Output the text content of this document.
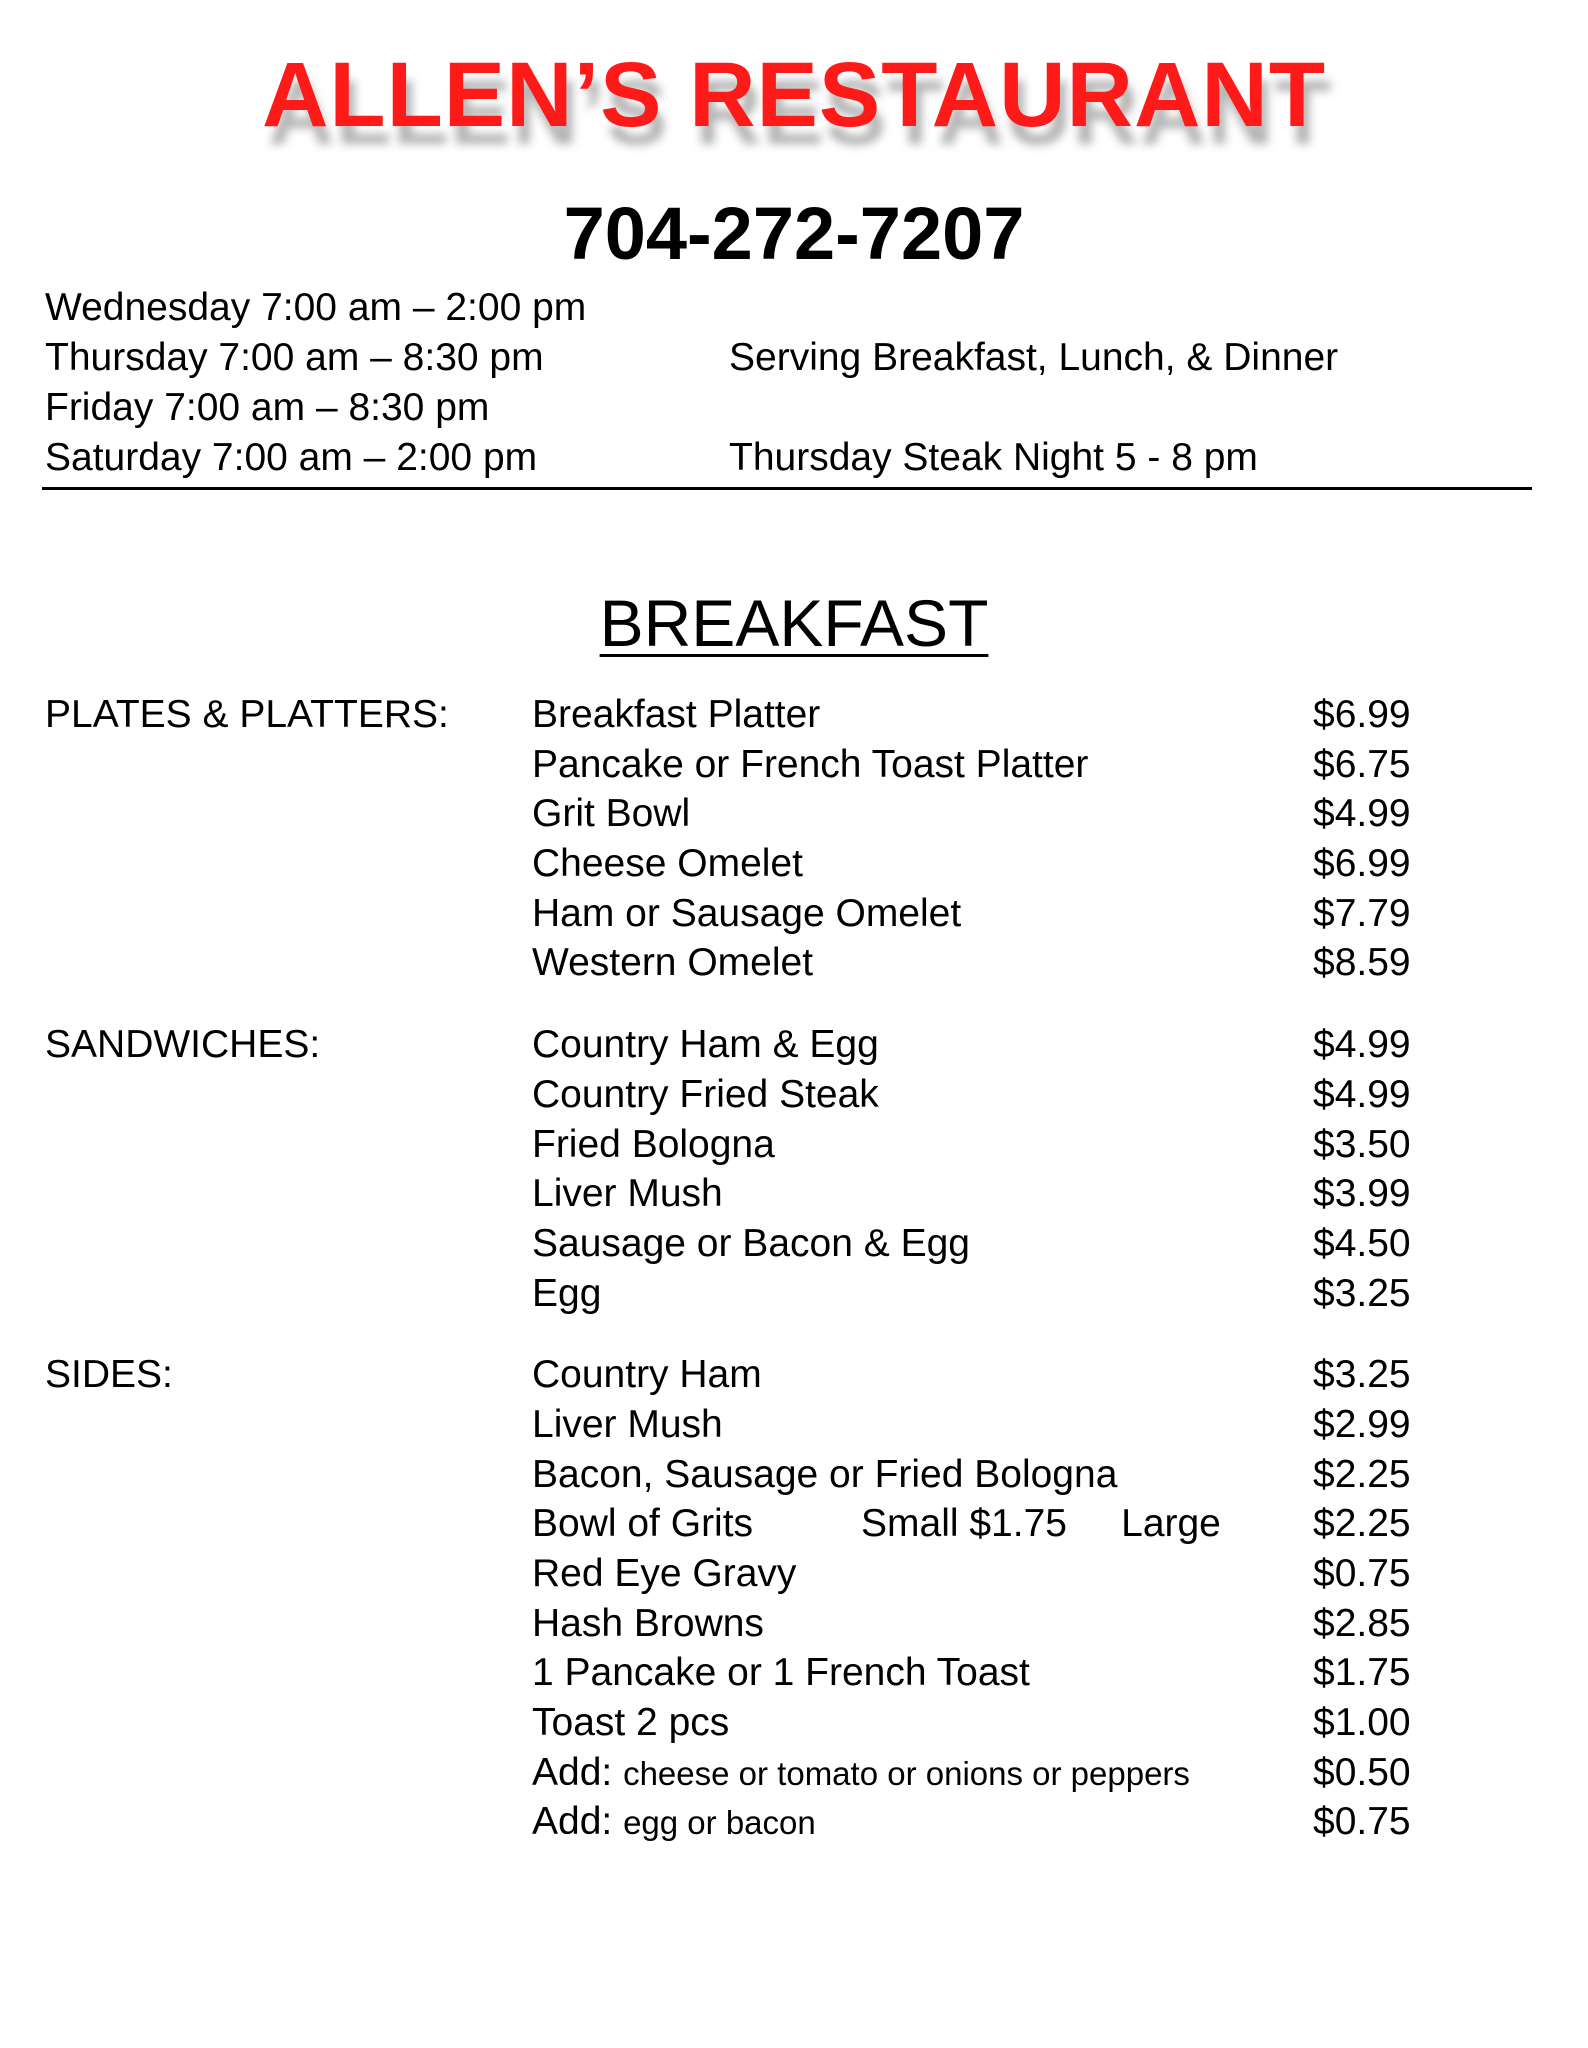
ALLEN’S RESTAURANT
704-272-7207
Wednesday 7:00 am – 2:00 pm
Thursday 7:00 am – 8:30 pm	Serving Breakfast, Lunch, & Dinner
Friday 7:00 am – 8:30 pm
Saturday 7:00 am – 2:00 pm	Thursday Steak Night 5 - 8 pm
BREAKFAST
PLATES & PLATTERS: Breakfast Platter	$6.99
Pancake or French Toast Platter	$6.75
Grit Bowl	$4.99
Cheese Omelet	$6.99
Ham or Sausage Omelet	$7.79
Western Omelet	$8.59
SANDWICHES:	Country Ham & Egg	$4.99
Country Fried Steak	$4.99
Fried Bologna	$3.50
Liver Mush	$3.99
Sausage or Bacon & Egg	$4.50
Egg	$3.25
SIDES:	Country Ham	$3.25
Liver Mush	$2.99
Bacon, Sausage or Fried Bologna	$2.25
Bowl of Grits	Small $1.75     Large $2.25
Red Eye Gravy	$0.75
Hash Browns	$2.85
1 Pancake or 1 French Toast	$1.75
Toast 2 pcs	$1.00
Add: cheese or tomato or onions or peppers	$0.50
Add: egg or bacon	$0.75
